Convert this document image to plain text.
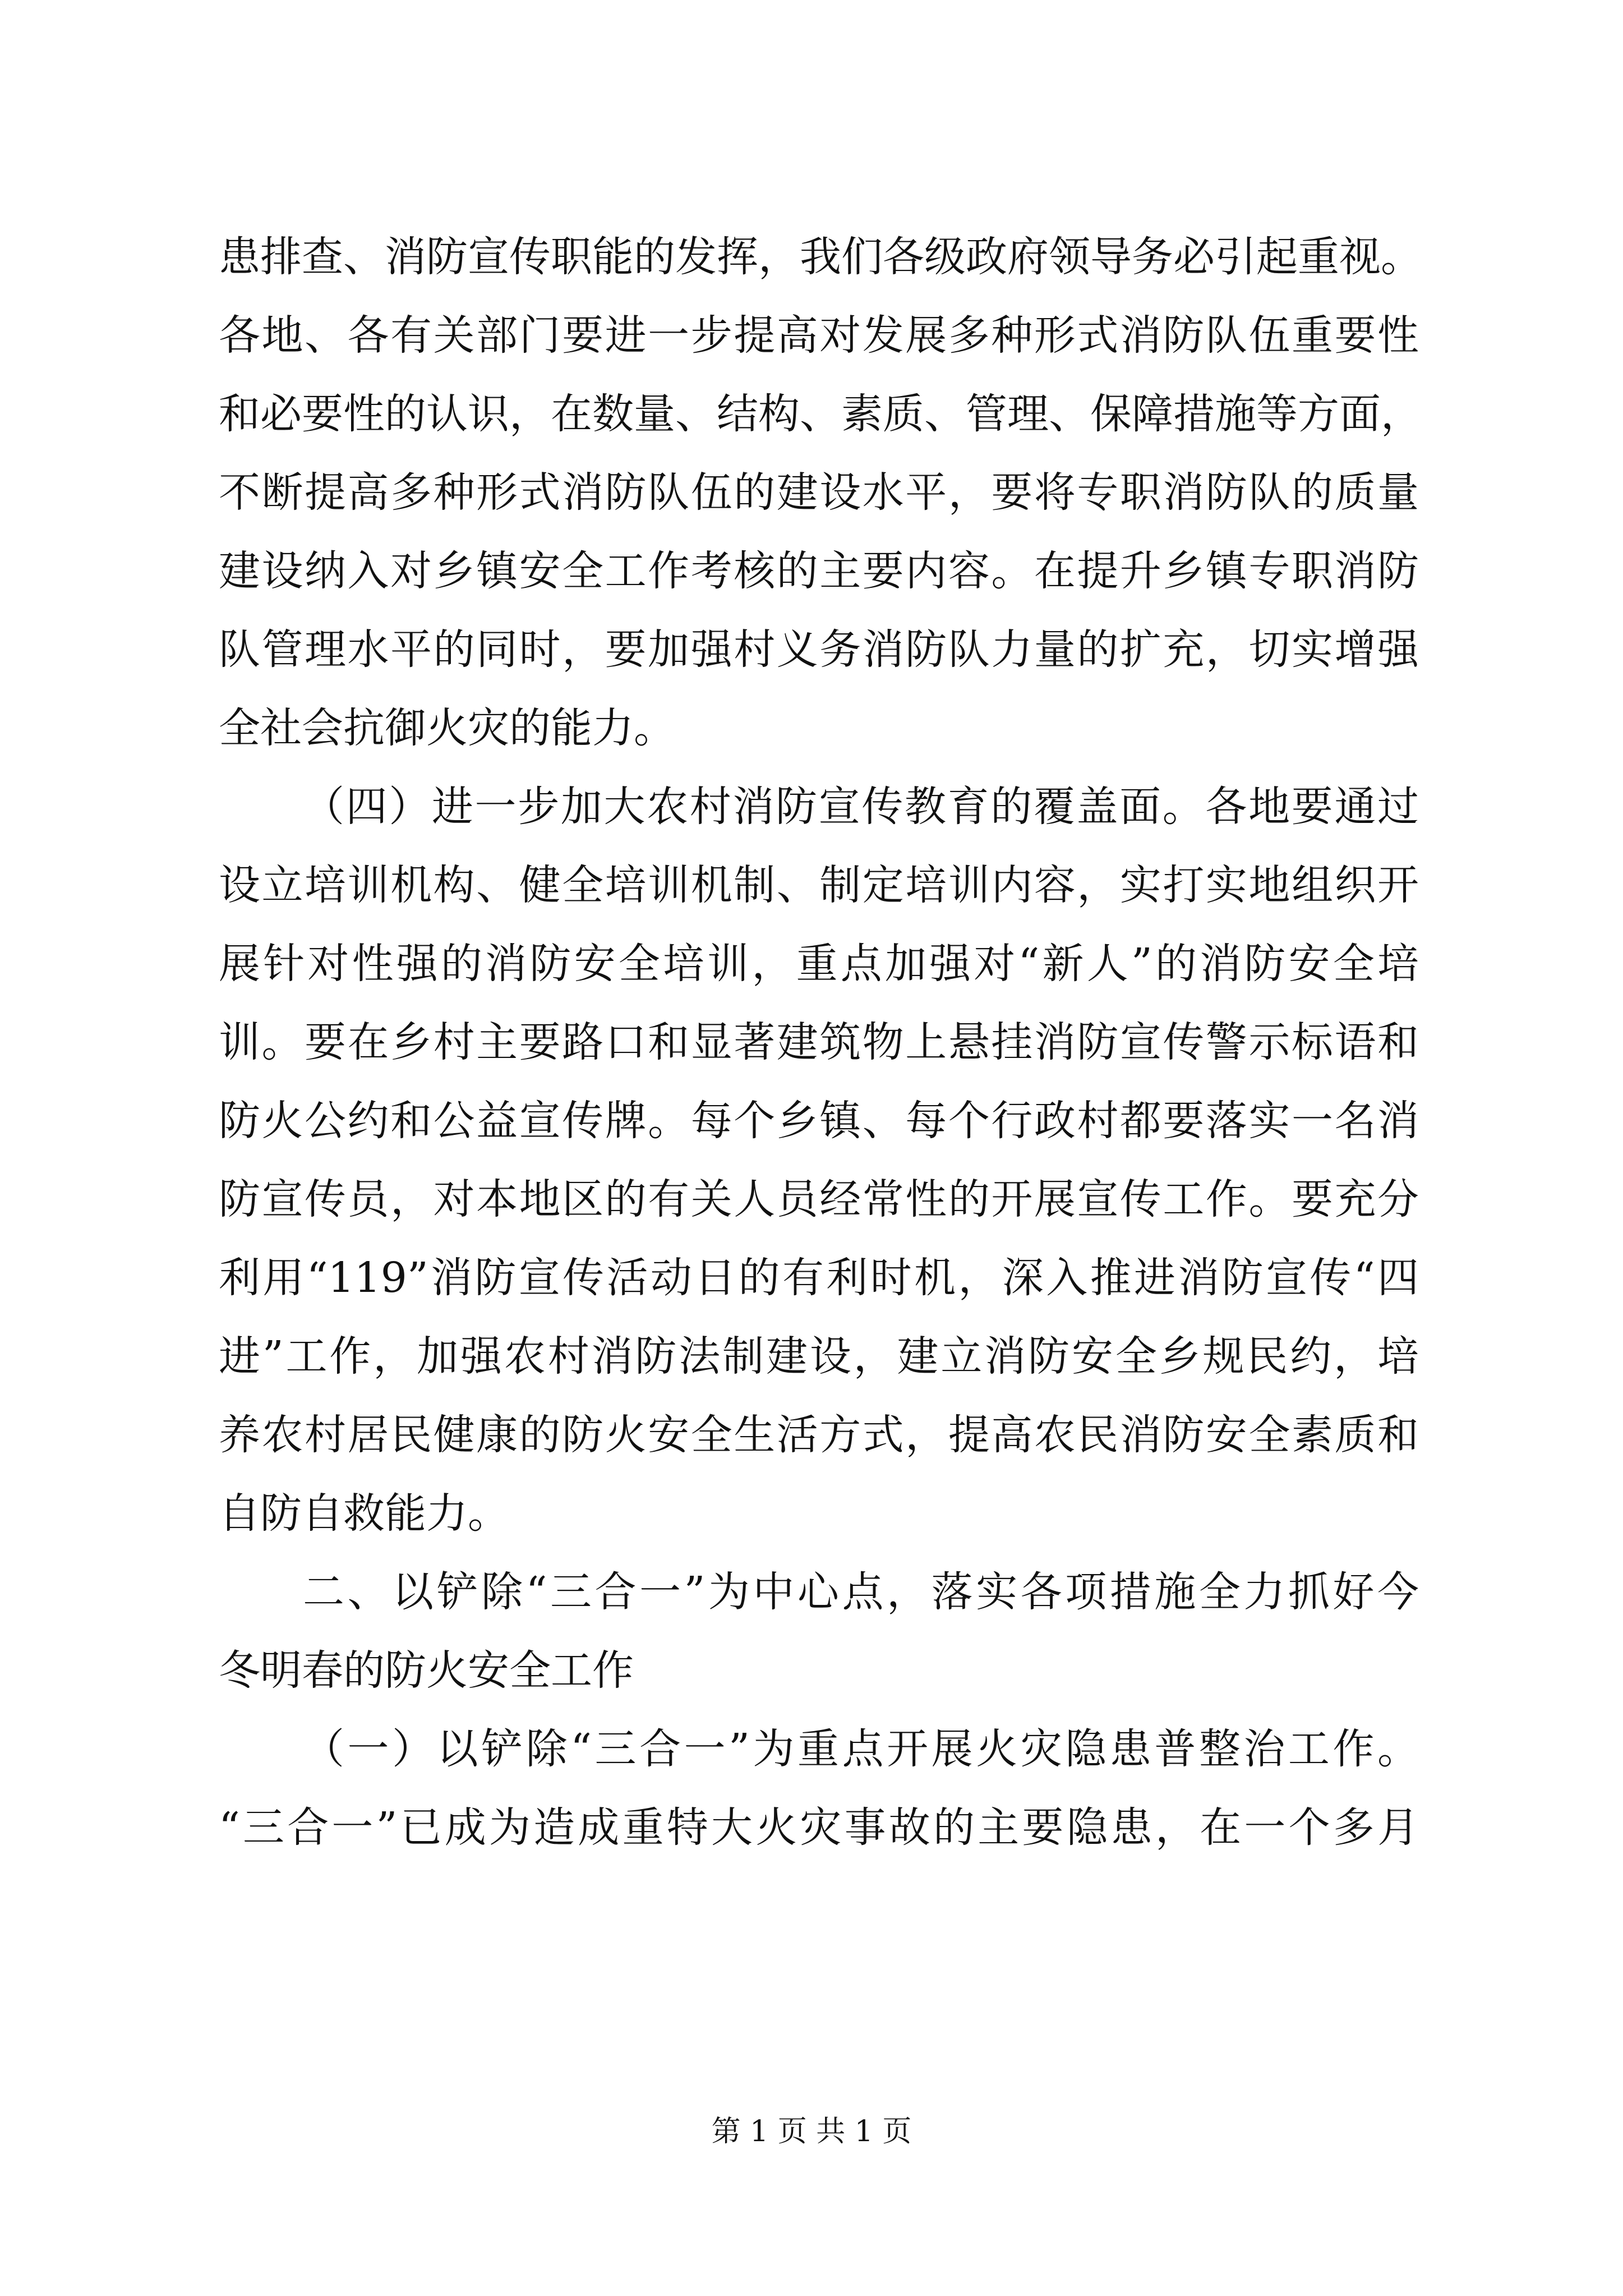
患排查、消防宣传职能的发挥，我们各级政府领导务必引起重视。
各地、各有关部门要进一步提高对发展多种形式消防队伍重要性
和必要性的认识，在数量、结构、素质、管理、保障措施等方面，
不断提高多种形式消防队伍的建设水平，要将专职消防队的质量
建设纳入对乡镇安全工作考核的主要内容。在提升乡镇专职消防
队管理水平的同时，要加强村义务消防队力量的扩充，切实增强
全社会抗御火灾的能力。
（四）进一步加大农村消防宣传教育的覆盖面。各地要通过
设立培训机构、健全培训机制、制定培训内容，实打实地组织开
展针对性强的消防安全培训，重点加强对“新人”的消防安全培
训。要在乡村主要路口和显著建筑物上悬挂消防宣传警示标语和
防火公约和公益宣传牌。每个乡镇、每个行政村都要落实一名消
防宣传员，对本地区的有关人员经常性的开展宣传工作。要充分
利用“119”消防宣传活动日的有利时机，深入推进消防宣传“四
进”工作，加强农村消防法制建设，建立消防安全乡规民约，培
养农村居民健康的防火安全生活方式，提高农民消防安全素质和
自防自救能力。
二、以铲除“三合一”为中心点，落实各项措施全力抓好今
冬明春的防火安全工作
（一）以铲除“三合一”为重点开展火灾隐患普整治工作。
“三合一”已成为造成重特大火灾事故的主要隐患，在一个多月
第 1 页 共 1 页
